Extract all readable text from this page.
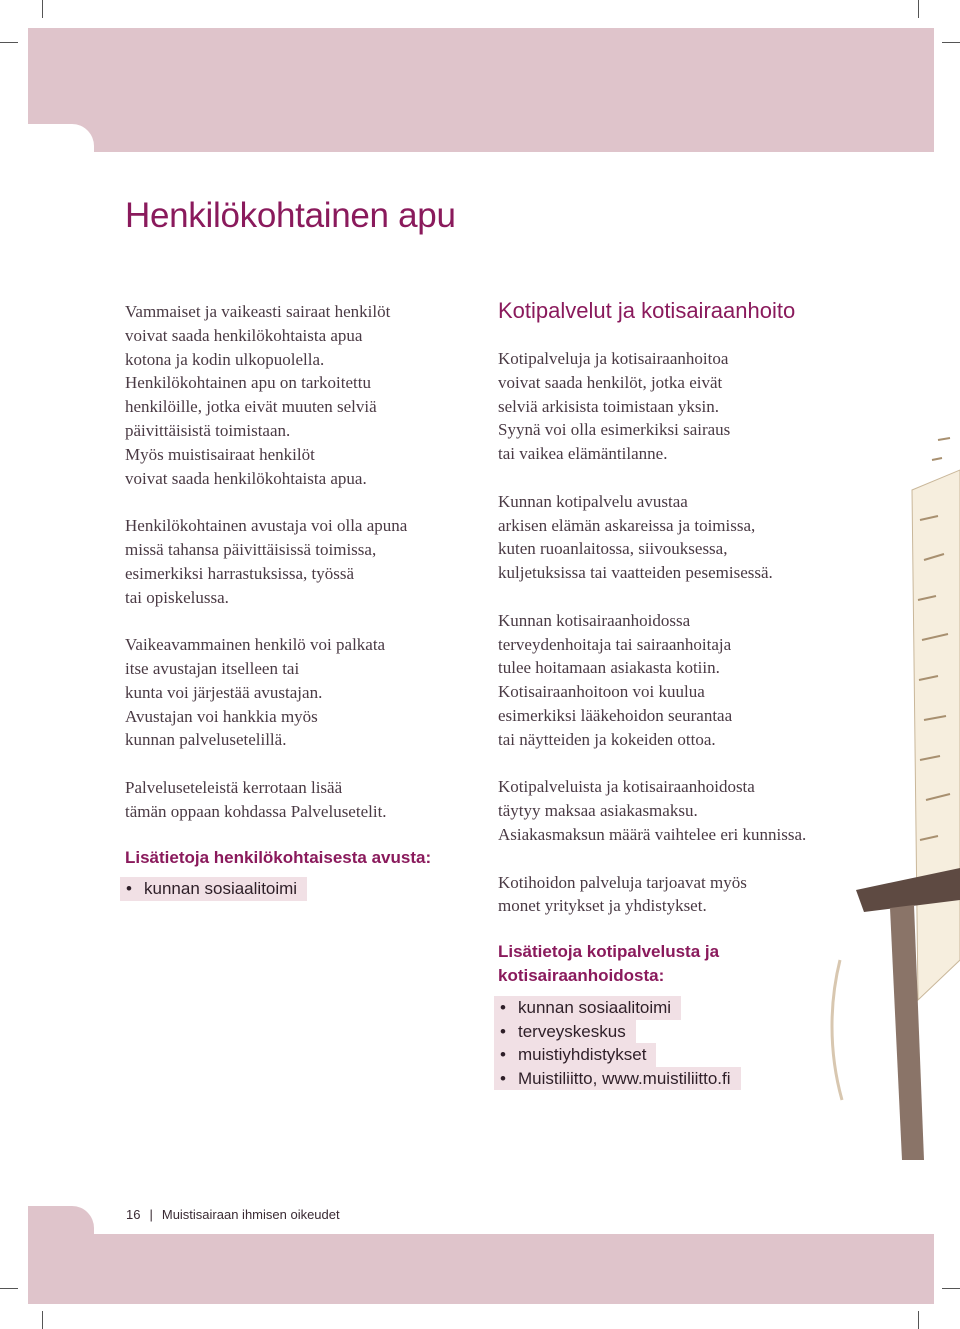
Henkilökohtainen apu

Vammaiset ja vaikeasti sairaat henkilöt
voivat saada henkilökohtaista apua
kotona ja kodin ulkopuolella.
Henkilökohtainen apu on tarkoitettu
henkilöille, jotka eivät muuten selviä
päivittäisistä toimistaan.
Myös muistisairaat henkilöt
voivat saada henkilökohtaista apua.

Henkilökohtainen avustaja voi olla apuna
missä tahansa päivittäisissä toimissa,
esimerkiksi harrastuksissa, työssä
tai opiskelussa.

Vaikeavammainen henkilö voi palkata
itse avustajan itselleen tai
kunta voi järjestää avustajan.
Avustajan voi hankkia myös
kunnan palvelusetelillä.

Palveluseteleistä kerrotaan lisää
tämän oppaan kohdassa Palvelusetelit.

Lisätietoja henkilökohtaisesta avusta:
• kunnan sosiaalitoimi
Kotipalvelut ja kotisairaanhoito

Kotipalveluja ja kotisairaanhoitoa
voivat saada henkilöt, jotka eivät
selviä arkisista toimistaan yksin.
Syynä voi olla esimerkiksi sairaus
tai vaikea elämäntilanne.

Kunnan kotipalvelu avustaa
arkisen elämän askareissa ja toimissa,
kuten ruoanlaitossa, siivouksessa,
kuljetuksissa tai vaatteiden pesemisessä.

Kunnan kotisairaanhoidossa
terveydenhoitaja tai sairaanhoitaja
tulee hoitamaan asiakasta kotiin.
Kotisairaanhoitoon voi kuulua
esimerkiksi lääkehoidon seurantaa
tai näytteiden ja kokeiden ottoa.

Kotipalveluista ja kotisairaanhoidosta
täytyy maksaa asiakasmaksu.
Asiakasmaksun määrä vaihtelee eri kunnissa.

Kotihoidon palveluja tarjoavat myös
monet yritykset ja yhdistykset.

Lisätietoja kotipalvelusta ja
kotisairaanhoidosta:
• kunnan sosiaalitoimi
• terveyskeskus
• muistiyhdistykset
• Muistiliitto, www.muistiliitto.fi
16 | Muistisairaan ihmisen oikeudet
